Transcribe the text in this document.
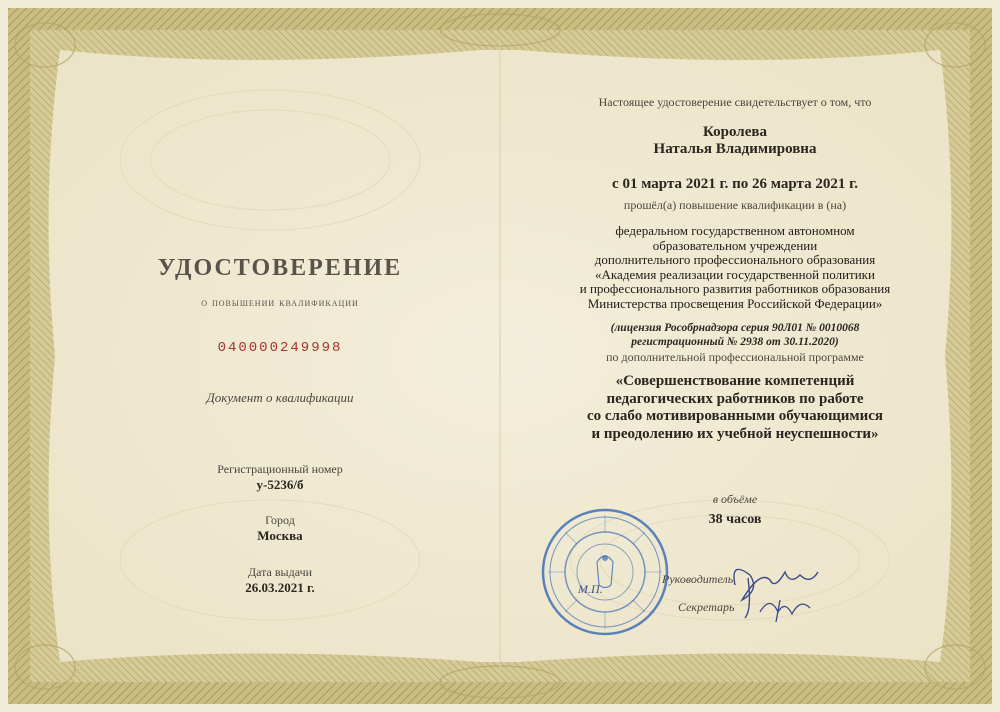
УДОСТОВЕРЕНИЕ
о повышении квалификации
040000249998
Документ о квалификации
Регистрационный номер
у-5236/б
Город
Москва
Дата выдачи
26.03.2021 г.
Настоящее удостоверение свидетельствует о том, что
Королева
Наталья Владимировна
с 01 марта 2021 г. по 26 марта 2021 г.
прошёл(а) повышение квалификации в (на)
федеральном государственном автономном
образовательном учреждении
дополнительного профессионального образования
«Академия реализации государственной политики
и профессионального развития работников образования
Министерства просвещения Российской Федерации»
(лицензия Рособрнадзора серия 90Л01 № 0010068
регистрационный № 2938 от 30.11.2020)
по дополнительной профессиональной программе
«Совершенствование компетенций
педагогических работников по работе
со слабо мотивированными обучающимися
и преодолению их учебной неуспешности»
в объёме
38 часов
М.П.
Руководитель
Секретарь
